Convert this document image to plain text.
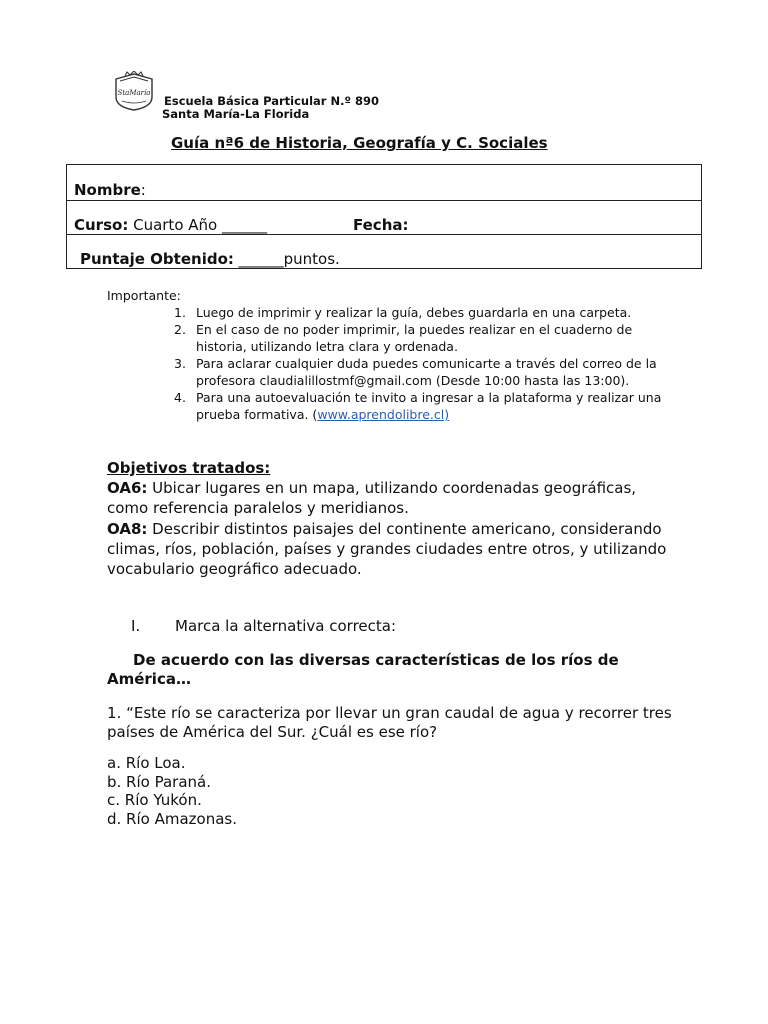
StaMaría
Escuela Básica Particular N.º 890
Santa María-La Florida
Guía nª6 de Historia, Geografía y C. Sociales
Nombre:
Curso: Cuarto Año ______	Fecha:
Puntaje Obtenido: ______puntos.
Importante:
1. Luego de imprimir y realizar la guía, debes guardarla en una carpeta.
2. En el caso de no poder imprimir, la puedes realizar en el cuaderno de historia, utilizando letra clara y ordenada.
3. Para aclarar cualquier duda puedes comunicarte a través del correo de la profesora claudialillostmf@gmail.com (Desde 10:00 hasta las 13:00).
4. Para una autoevaluación te invito a ingresar a la plataforma y realizar una prueba formativa. (www.aprendolibre.cl)
Objetivos tratados:
OA6: Ubicar lugares en un mapa, utilizando coordenadas geográficas, como referencia paralelos y meridianos.
OA8: Describir distintos paisajes del continente americano, considerando climas, ríos, población, países y grandes ciudades entre otros, y utilizando vocabulario geográfico adecuado.
I. Marca la alternativa correcta:
De acuerdo con las diversas características de los ríos de América…
1. “Este río se caracteriza por llevar un gran caudal de agua y recorrer tres países de América del Sur. ¿Cuál es ese río?
a. Río Loa.
b. Río Paraná.
c. Río Yukón.
d. Río Amazonas.
